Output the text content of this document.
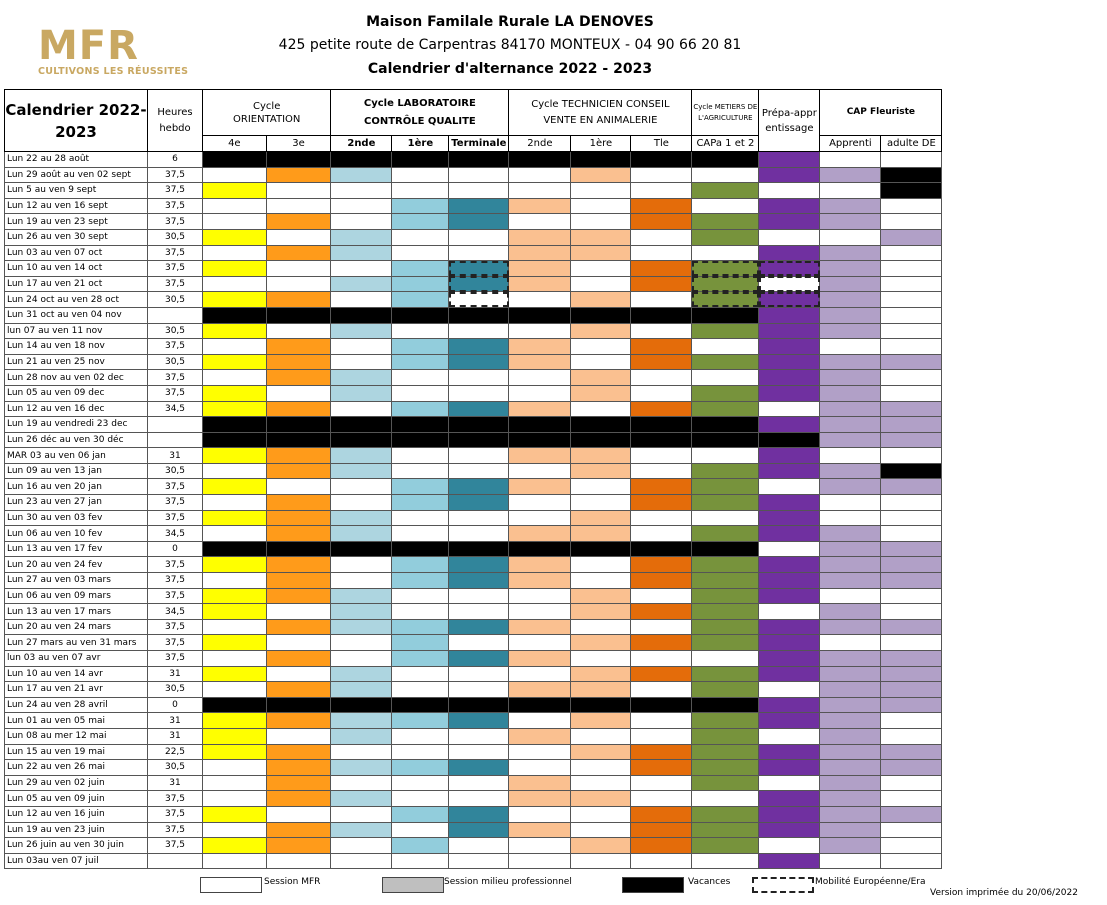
MFR
CULTIVONS LES RÉUSSITES
Maison Familale Rurale LA DENOVES
425 petite route de Carpentras 84170 MONTEUX - 04 90 66 20 81
Calendrier d'alternance 2022 - 2023
Calendrier 2022-2023	Heures hebdo	Cycle ORIENTATION		Cycle LABORATOIRE CONTRÔLE QUALITE			Cycle TECHNICIEN CONSEIL VENTE EN ANIMALERIE			Cycle METIERS DE L'AGRICULTURE	Prépa-apprentissage	CAP Fleuriste	
		4e	3e	2nde	1ère	Terminale	2nde	1ère	Tle	CAPa 1 et 2		Apprenti	adulte DE
Lun 22 au 28 août	6												
Lun 29 août au ven 02 sept	37,5												
Lun 5 au ven 9 sept	37,5												
Lun 12 au ven 16 sept	37,5												
Lun 19 au ven 23 sept	37,5												
Lun 26 au ven 30 sept	30,5												
Lun 03 au ven 07 oct	37,5												
Lun 10 au ven 14 oct	37,5												
Lun 17 au ven 21 oct	37,5												
Lun 24 oct au ven 28 oct	30,5												
Lun 31 oct au ven 04 nov													
lun 07 au ven 11 nov	30,5												
Lun 14 au ven 18 nov	37,5												
Lun 21 au ven 25 nov	30,5												
Lun 28 nov au ven 02 dec	37,5												
Lun 05 au ven 09 dec	37,5												
Lun 12 au ven 16 dec	34,5												
Lun 19 au vendredi 23 dec													
Lun 26 déc au ven 30 déc													
MAR 03 au ven 06 jan	31												
Lun 09 au ven 13 jan	30,5												
Lun 16 au ven 20 jan	37,5												
Lun 23 au ven 27 jan	37,5												
Lun 30 au ven 03 fev	37,5												
Lun 06 au ven 10 fev	34,5												
Lun 13 au ven 17 fev	0												
Lun 20 au ven 24 fev	37,5												
Lun 27 au ven 03 mars	37,5												
Lun 06 au ven 09 mars	37,5												
Lun 13 au ven 17 mars	34,5												
Lun 20 au ven 24 mars	37,5												
Lun 27 mars au ven 31 mars	37,5												
lun 03 au ven 07 avr	37,5												
Lun 10 au ven 14 avr	31												
Lun 17 au ven 21 avr	30,5												
Lun 24 au ven 28 avril	0												
Lun 01 au ven 05 mai	31												
Lun 08 au mer 12 mai	31												
Lun 15 au ven 19 mai	22,5												
Lun 22 au ven 26 mai	30,5												
Lun 29 au ven 02 juin	31												
Lun 05 au ven 09 juin	37,5												
Lun 12 au ven 16 juin	37,5												
Lun 19 au ven 23 juin	37,5												
Lun 26 juin au ven 30 juin	37,5												
Lun 03au ven 07 juil													
Session MFR	Session milieu professionnel	Vacances	Mobilité Européenne/Era
Version imprimée du 20/06/2022
